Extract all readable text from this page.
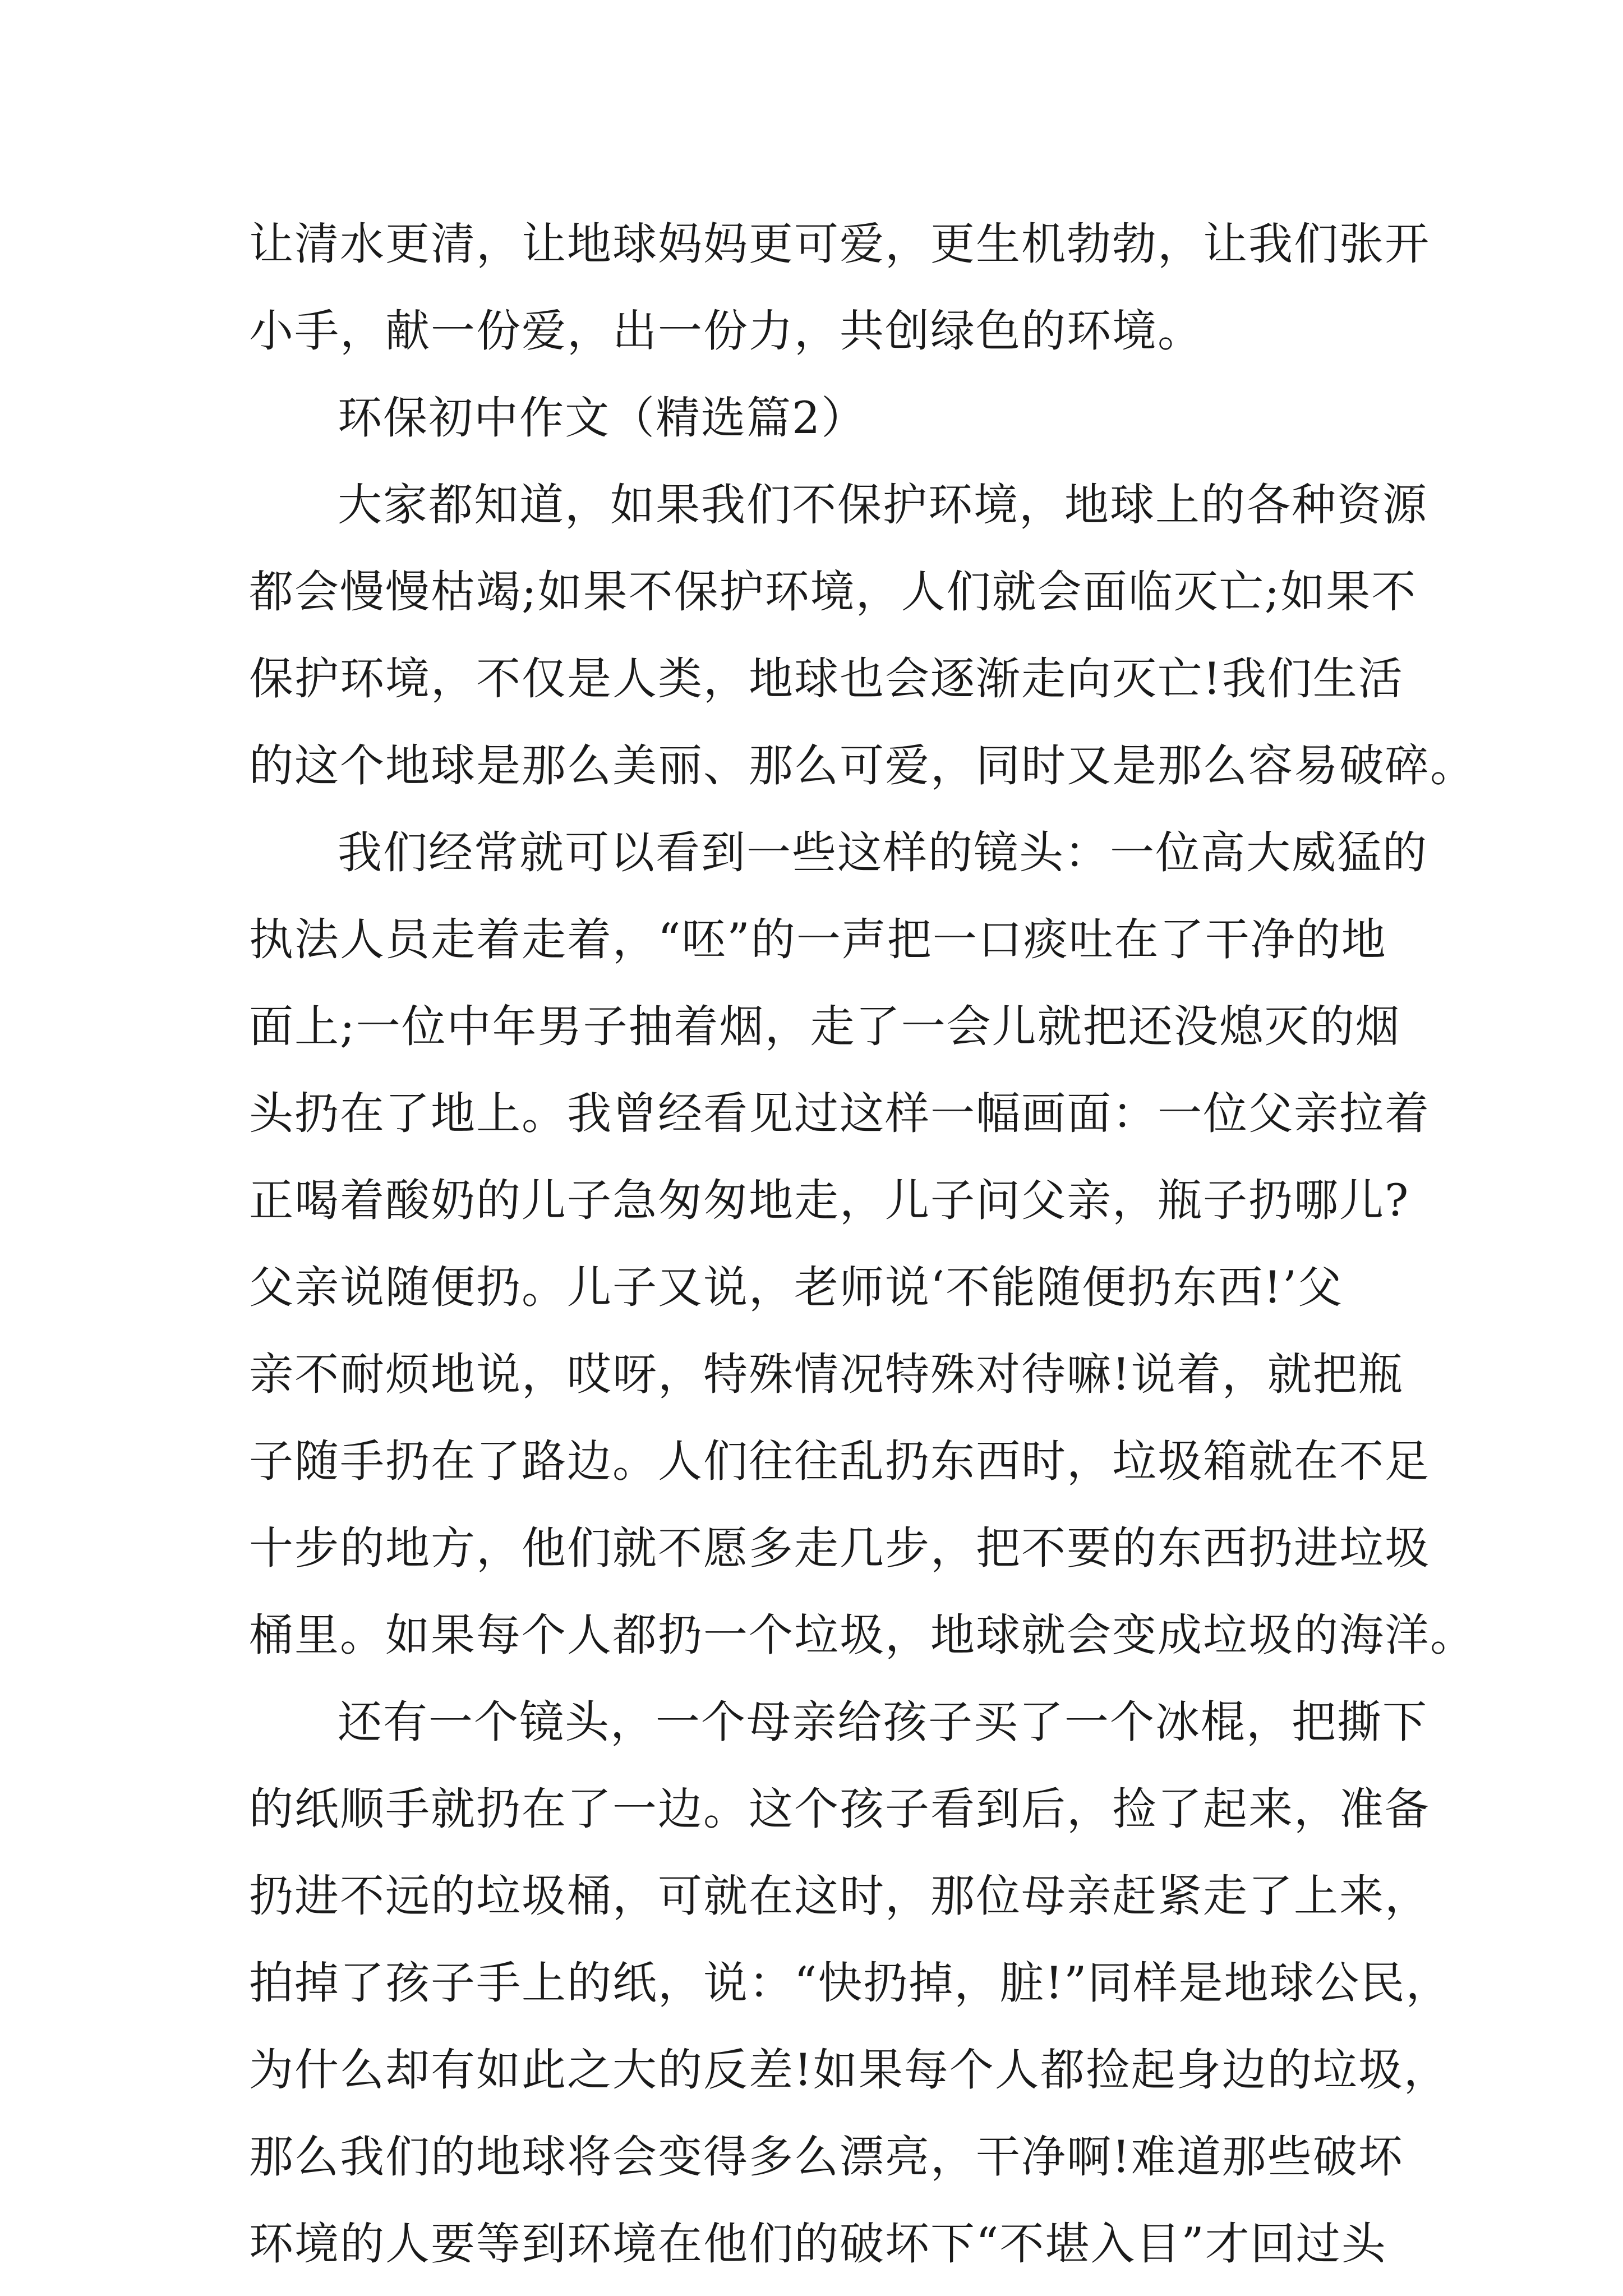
让清水更清，让地球妈妈更可爱，更生机勃勃，让我们张开
小手，献一份爱，出一份力，共创绿色的环境。
环保初中作文（精选篇2）
大家都知道，如果我们不保护环境，地球上的各种资源
都会慢慢枯竭;如果不保护环境，人们就会面临灭亡;如果不
保护环境，不仅是人类，地球也会逐渐走向灭亡!我们生活
的这个地球是那么美丽、那么可爱，同时又是那么容易破碎。
我们经常就可以看到一些这样的镜头：一位高大威猛的
执法人员走着走着，“呸”的一声把一口痰吐在了干净的地
面上;一位中年男子抽着烟，走了一会儿就把还没熄灭的烟
头扔在了地上。我曾经看见过这样一幅画面：一位父亲拉着
正喝着酸奶的儿子急匆匆地走，儿子问父亲，瓶子扔哪儿?
父亲说随便扔。儿子又说，老师说‘不能随便扔东西!’父
亲不耐烦地说，哎呀，特殊情况特殊对待嘛!说着，就把瓶
子随手扔在了路边。人们往往乱扔东西时，垃圾箱就在不足
十步的地方，他们就不愿多走几步，把不要的东西扔进垃圾
桶里。如果每个人都扔一个垃圾，地球就会变成垃圾的海洋。
还有一个镜头，一个母亲给孩子买了一个冰棍，把撕下
的纸顺手就扔在了一边。这个孩子看到后，捡了起来，准备
扔进不远的垃圾桶，可就在这时，那位母亲赶紧走了上来，
拍掉了孩子手上的纸，说：“快扔掉，脏!”同样是地球公民，
为什么却有如此之大的反差!如果每个人都捡起身边的垃圾，
那么我们的地球将会变得多么漂亮，干净啊!难道那些破坏
环境的人要等到环境在他们的破坏下“不堪入目”才回过头
